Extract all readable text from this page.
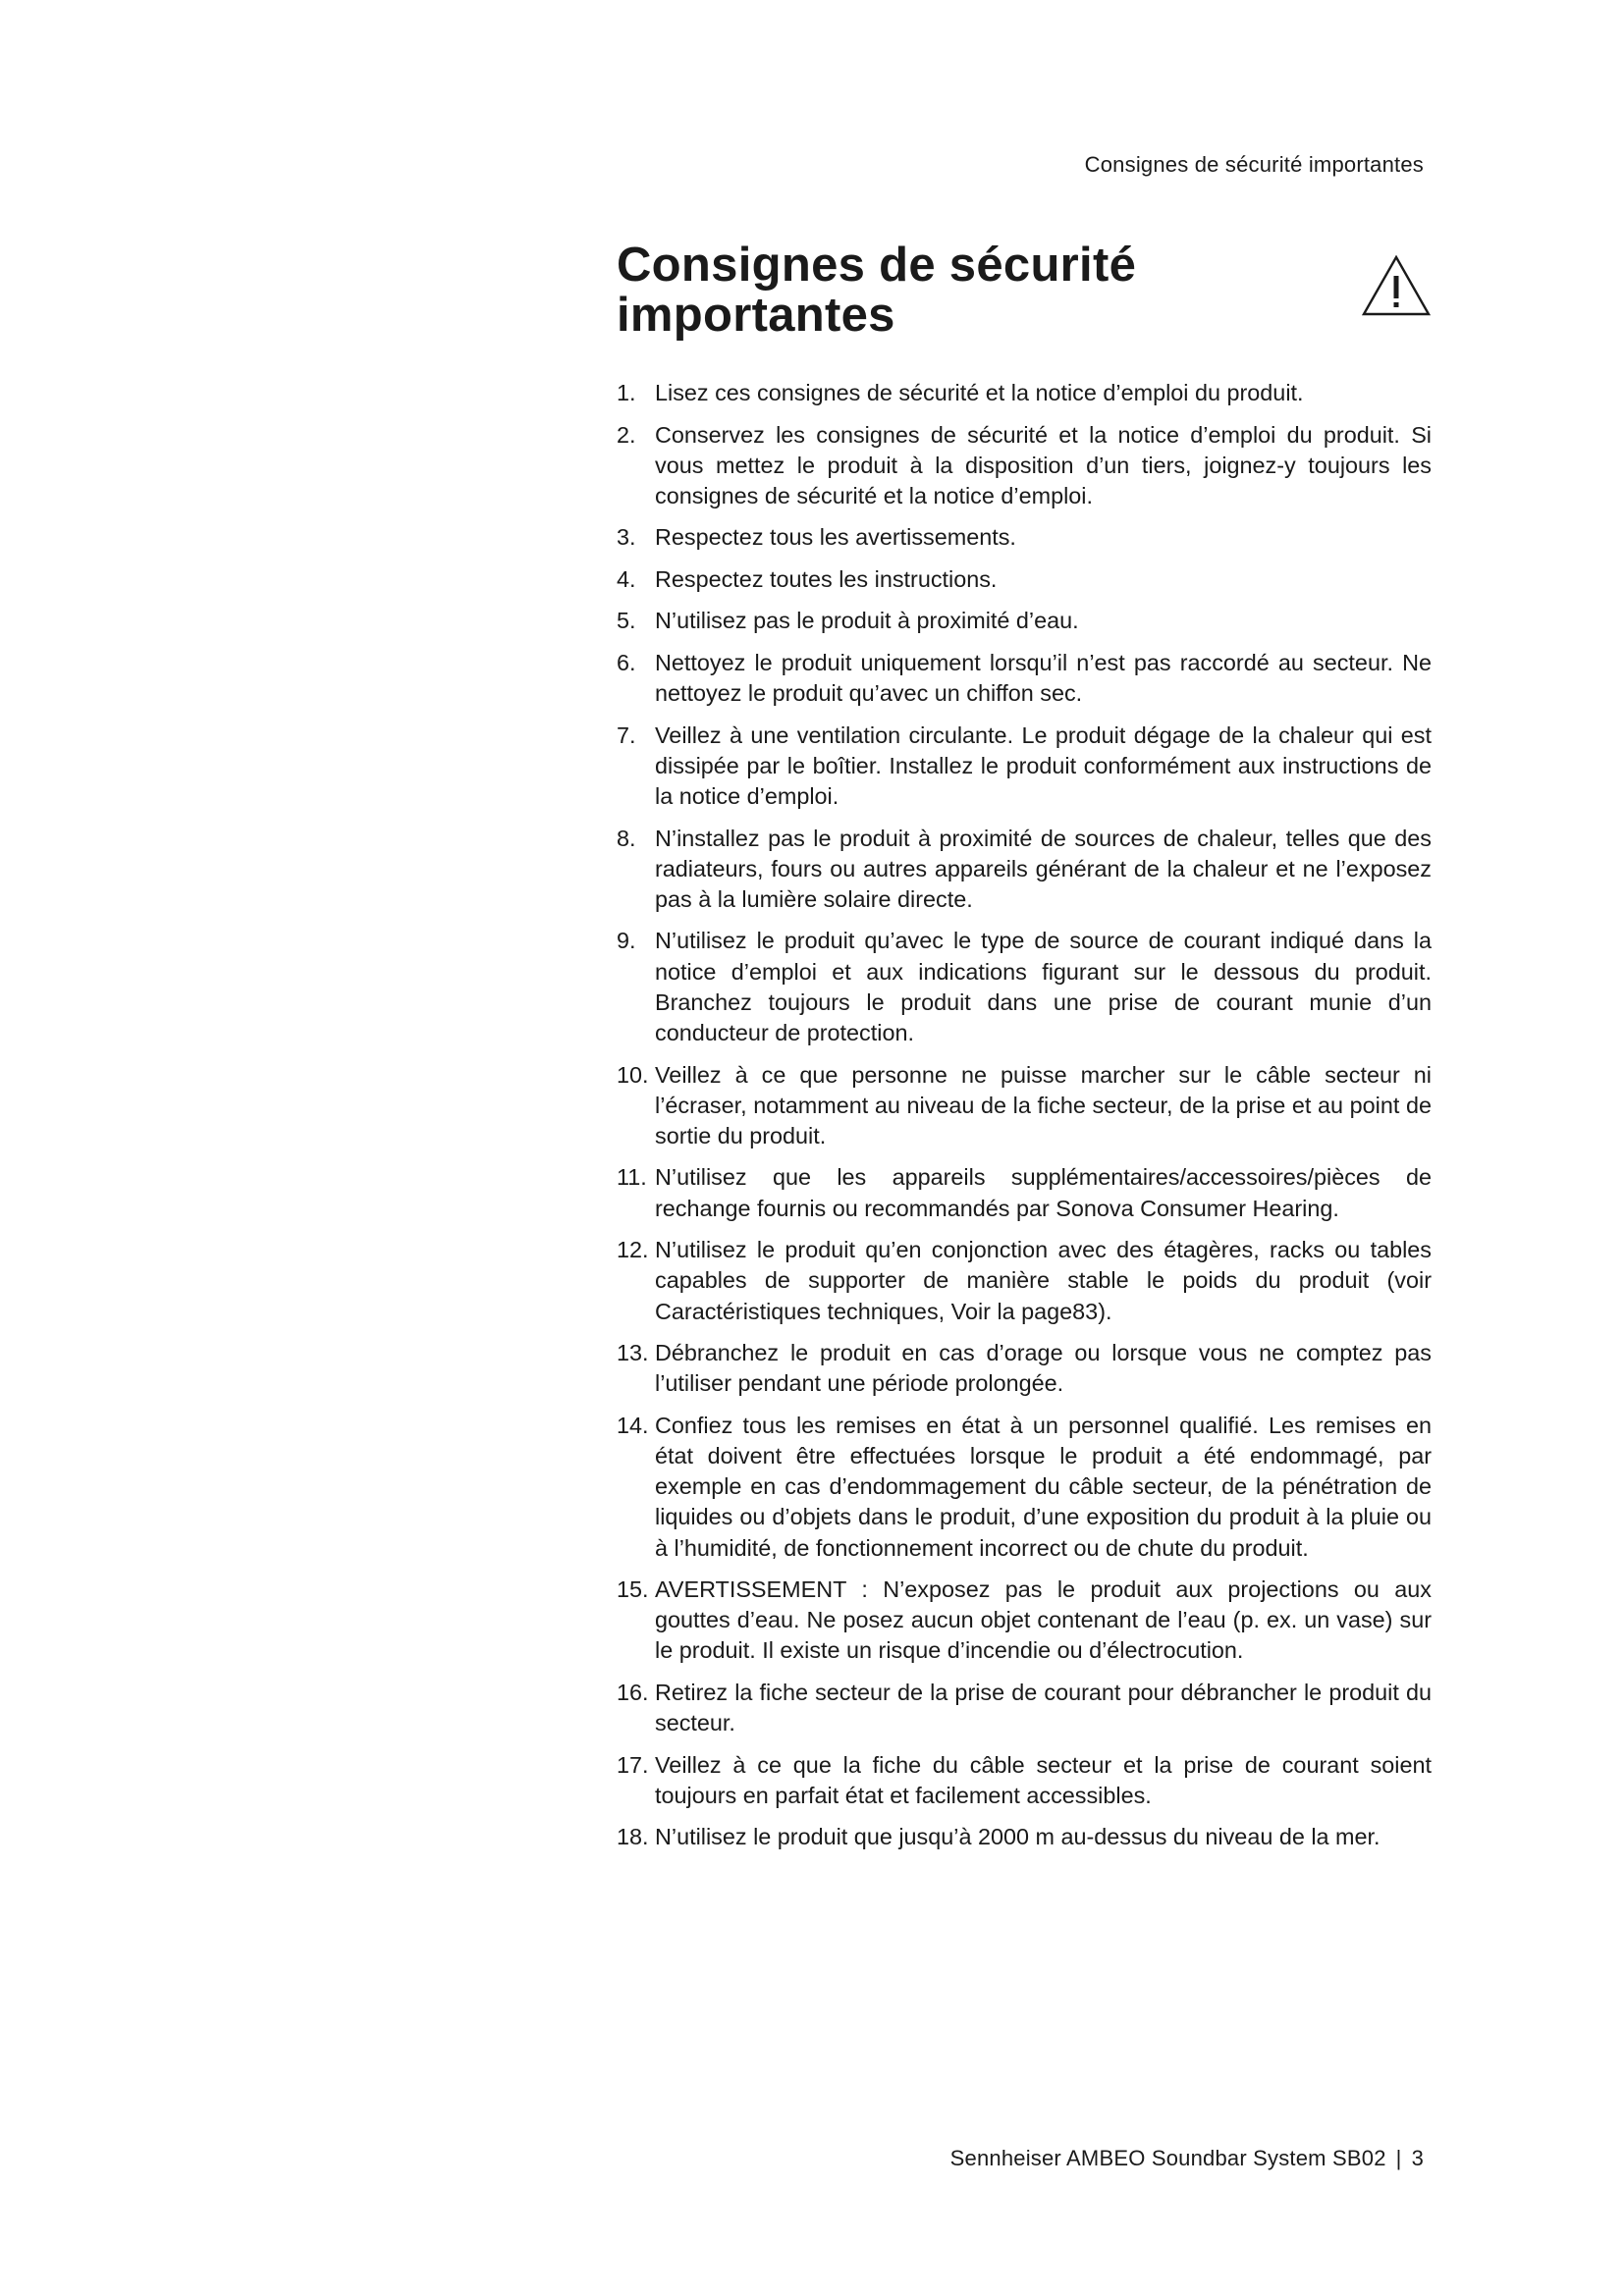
Consignes de sécurité importantes
Consignes de sécurité importantes
1. Lisez ces consignes de sécurité et la notice d’emploi du produit.
2. Conservez les consignes de sécurité et la notice d’emploi du produit. Si vous mettez le produit à la disposition d’un tiers, joignez-y toujours les consignes de sécurité et la notice d’emploi.
3. Respectez tous les avertissements.
4. Respectez toutes les instructions.
5. N’utilisez pas le produit à proximité d’eau.
6. Nettoyez le produit uniquement lorsqu’il n’est pas raccordé au secteur. Ne nettoyez le produit qu’avec un chiffon sec.
7. Veillez à une ventilation circulante. Le produit dégage de la chaleur qui est dissipée par le boîtier. Installez le produit conformément aux instructions de la notice d’emploi.
8. N’installez pas le produit à proximité de sources de chaleur, telles que des radiateurs, fours ou autres appareils générant de la chaleur et ne l’exposez pas à la lumière solaire directe.
9. N’utilisez le produit qu’avec le type de source de courant indiqué dans la notice d’emploi et aux indications figurant sur le dessous du produit. Branchez toujours le produit dans une prise de courant munie d’un conducteur de protection.
10. Veillez à ce que personne ne puisse marcher sur le câble secteur ni l’écraser, notamment au niveau de la fiche secteur, de la prise et au point de sortie du produit.
11. N’utilisez que les appareils supplémentaires/accessoires/pièces de rechange fournis ou recommandés par Sonova Consumer Hearing.
12. N’utilisez le produit qu’en conjonction avec des étagères, racks ou tables capables de supporter de manière stable le poids du produit (voir Caractéristiques techniques, Voir la page83).
13. Débranchez le produit en cas d’orage ou lorsque vous ne comptez pas l’utiliser pendant une période prolongée.
14. Confiez tous les remises en état à un personnel qualifié. Les remises en état doivent être effectuées lorsque le produit a été endommagé, par exemple en cas d’endommagement du câble secteur, de la pénétration de liquides ou d’objets dans le produit, d’une exposition du produit à la pluie ou à l’humidité, de fonctionnement incorrect ou de chute du produit.
15. AVERTISSEMENT : N’exposez pas le produit aux projections ou aux gouttes d’eau. Ne posez aucun objet contenant de l’eau (p. ex. un vase) sur le produit. Il existe un risque d’incendie ou d’électrocution.
16. Retirez la fiche secteur de la prise de courant pour débrancher le produit du secteur.
17. Veillez à ce que la fiche du câble secteur et la prise de courant soient toujours en parfait état et facilement accessibles.
18. N’utilisez le produit que jusqu’à 2000 m au-dessus du niveau de la mer.
Sennheiser AMBEO Soundbar System SB02 | 3
